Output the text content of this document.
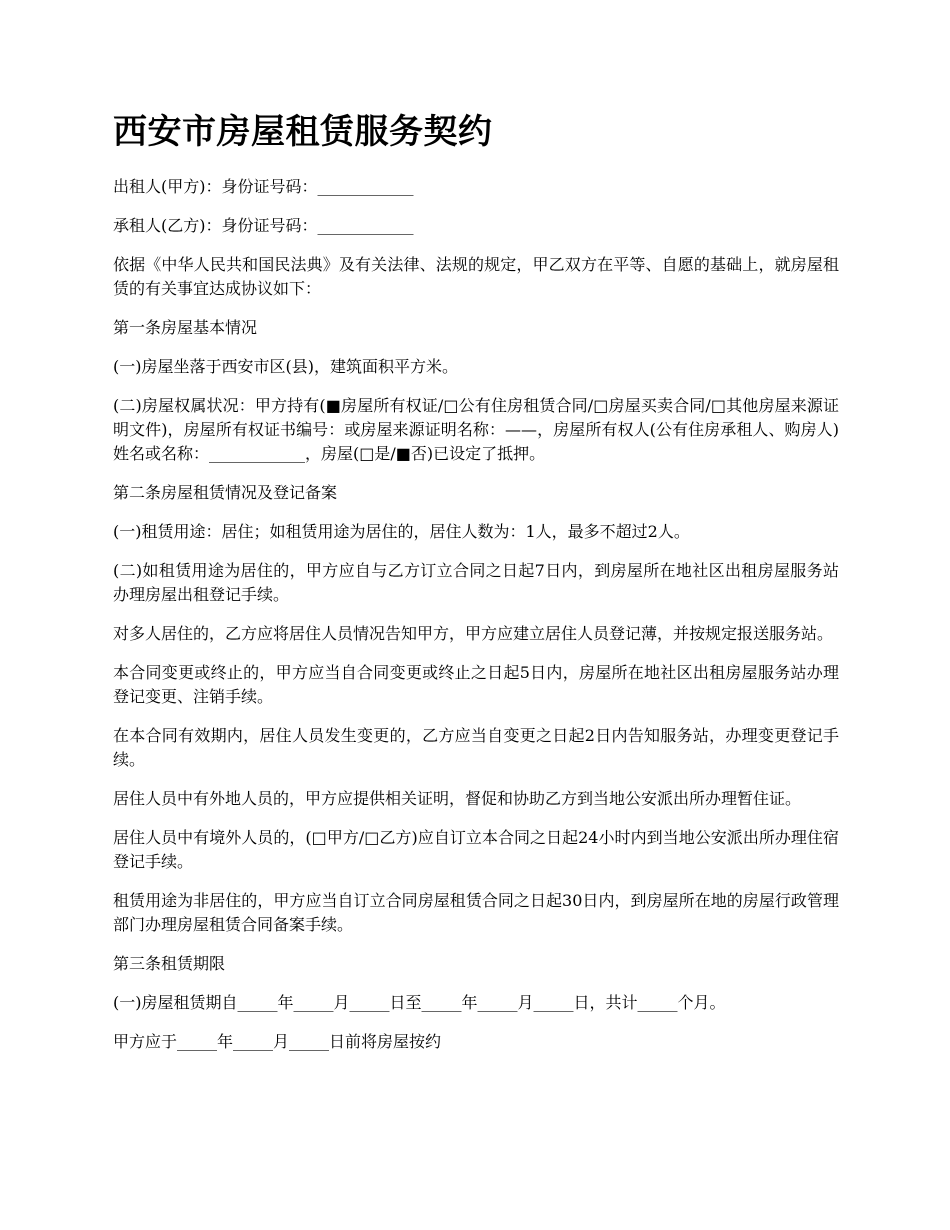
西安市房屋租赁服务契约

出租人(甲方)：身份证号码：____________

承租人(乙方)：身份证号码：____________

依据《中华人民共和国民法典》及有关法律、法规的规定，甲乙双方在平等、自愿的基础上，就房屋租赁的有关事宜达成协议如下：

第一条房屋基本情况

(一)房屋坐落于西安市区(县)，建筑面积平方米。

(二)房屋权属状况：甲方持有(■房屋所有权证/□公有住房租赁合同/□房屋买卖合同/□其他房屋来源证明文件)，房屋所有权证书编号：或房屋来源证明名称：——，房屋所有权人(公有住房承租人、购房人)姓名或名称：____________，房屋(□是/■否)已设定了抵押。

第二条房屋租赁情况及登记备案

(一)租赁用途：居住；如租赁用途为居住的，居住人数为：1人，最多不超过2人。

(二)如租赁用途为居住的，甲方应自与乙方订立合同之日起7日内，到房屋所在地社区出租房屋服务站办理房屋出租登记手续。

对多人居住的，乙方应将居住人员情况告知甲方，甲方应建立居住人员登记薄，并按规定报送服务站。

本合同变更或终止的，甲方应当自合同变更或终止之日起5日内，房屋所在地社区出租房屋服务站办理登记变更、注销手续。

在本合同有效期内，居住人员发生变更的，乙方应当自变更之日起2日内告知服务站，办理变更登记手续。

居住人员中有外地人员的，甲方应提供相关证明，督促和协助乙方到当地公安派出所办理暂住证。

居住人员中有境外人员的，(□甲方/□乙方)应自订立本合同之日起24小时内到当地公安派出所办理住宿登记手续。

租赁用途为非居住的，甲方应当自订立合同房屋租赁合同之日起30日内，到房屋所在地的房屋行政管理部门办理房屋租赁合同备案手续。

第三条租赁期限

(一)房屋租赁期自_____年_____月_____日至_____年_____月_____日，共计_____个月。

甲方应于_____年_____月_____日前将房屋按约
